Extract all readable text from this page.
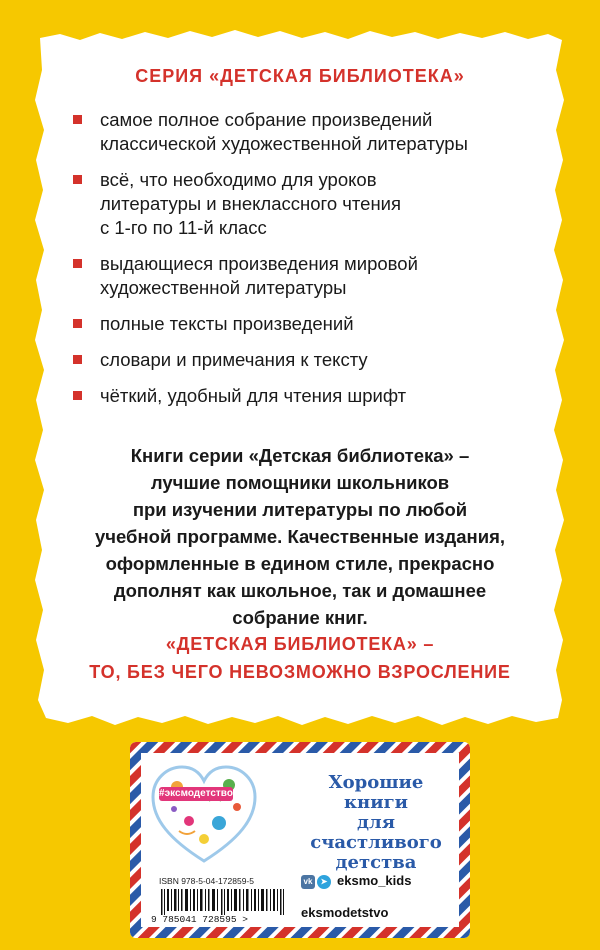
СЕРИЯ «ДЕТСКАЯ БИБЛИОТЕКА»
самое полное собрание произведений
классической художественной литературы
всё, что необходимо для уроков
литературы и внеклассного чтения
с 1-го по 11-й класс
выдающиеся произведения мировой
художественной литературы
полные тексты произведений
словари и примечания к тексту
чёткий, удобный для чтения шрифт
Книги серии «Детская библиотека» –
лучшие помощники школьников
при изучении литературы по любой
учебной программе. Качественные издания,
оформленные в едином стиле, прекрасно
дополнят как школьное, так и домашнее
собрание книг.
«ДЕТСКАЯ БИБЛИОТЕКА» –
ТО, БЕЗ ЧЕГО НЕВОЗМОЖНО ВЗРОСЛЕНИЕ
#эксмодетство
Хорошие
книги
для счастливого
детства
ISBN 978-5-04-172859-5
9 785041 728595 >
vk ➤ eksmo_kids
eksmodetstvo
